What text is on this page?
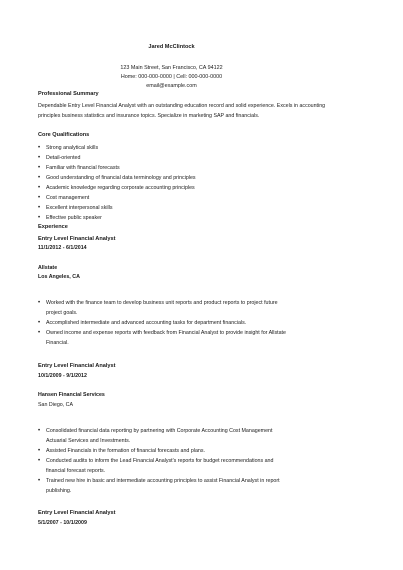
Jared McClintock
123 Main Street, San Francisco, CA 94122
Home: 000-000-0000 | Cell: 000-000-0000
email@example.com
Professional Summary
Dependable Entry Level Financial Analyst with an outstanding education record and solid experience. Excels in accounting principles business statistics and insurance topics. Specialize in marketing SAP and financials.
Core Qualifications
• Strong analytical skills
• Detail-oriented
• Familiar with financial forecasts
• Good understanding of financial data terminology and principles
• Academic knowledge regarding corporate accounting principles
• Cost management
• Excellent interpersonal skills
• Effective public speaker
Experience
Entry Level Financial Analyst
11/1/2012 - 6/1/2014
Allstate
Los Angeles, CA
• Worked with the finance team to develop business unit reports and product reports to project future project goals.
• Accomplished intermediate and advanced accounting tasks for department financials.
• Owned income and expense reports with feedback from Financial Analyst to provide insight for Allstate Financial.
Entry Level Financial Analyst
10/1/2009 - 9/1/2012
Hansen Financial Services
San Diego, CA
• Consolidated financial data reporting by partnering with Corporate Accounting Cost Management Actuarial Services and Investments.
• Assisted Financials in the formation of financial forecasts and plans.
• Conducted audits to inform the Lead Financial Analyst's reports for budget recommendations and financial forecast reports.
• Trained new hire in basic and intermediate accounting principles to assist Financial Analyst in report publishing.
Entry Level Financial Analyst
5/1/2007 - 10/1/2009
